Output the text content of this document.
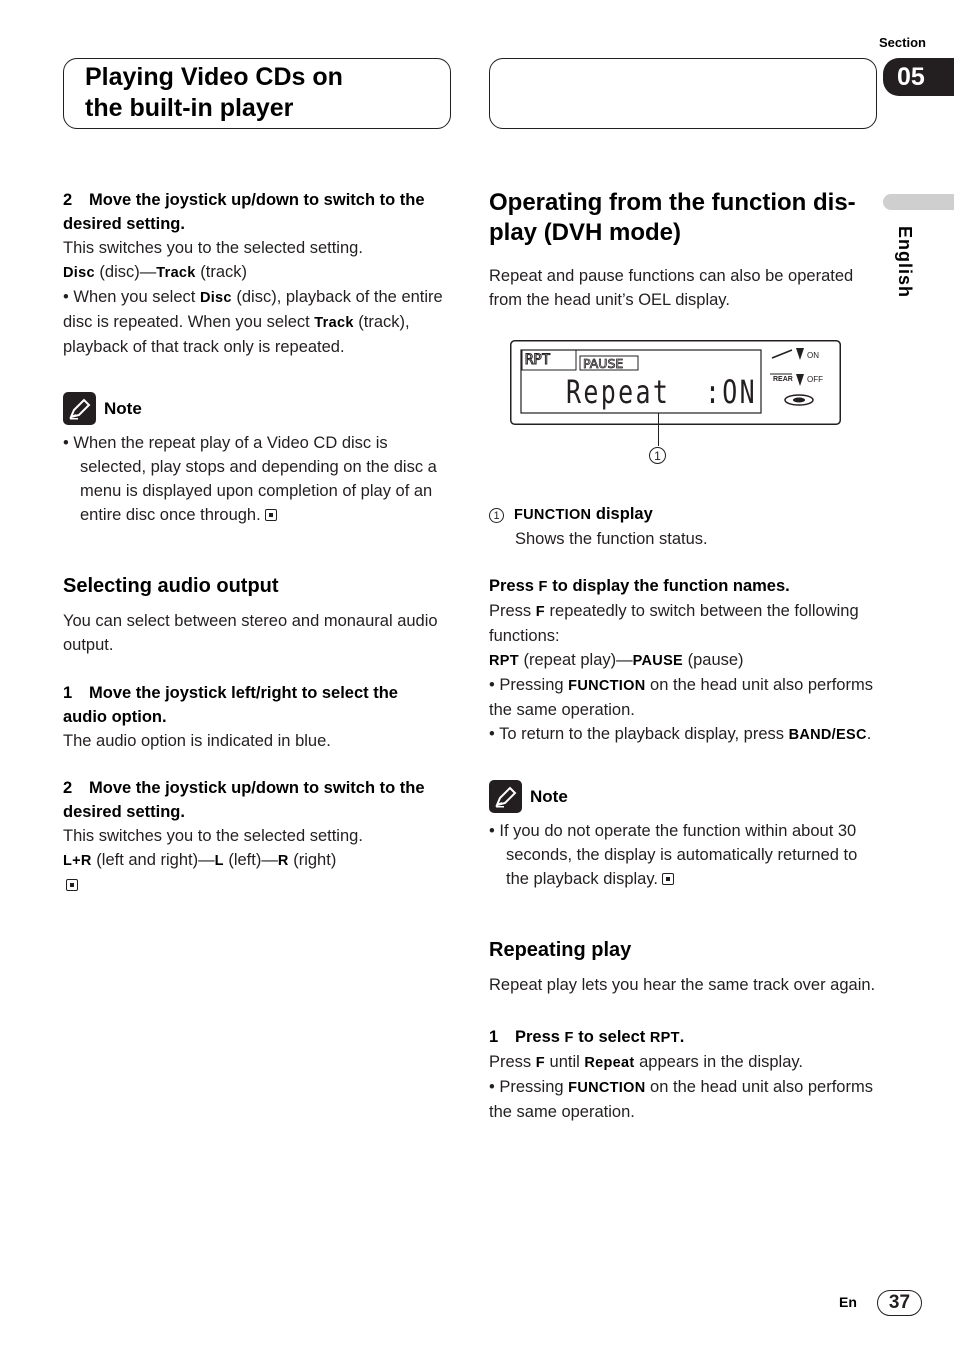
Section
05
Playing Video CDs on
the built-in player
English

2 Move the joystick up/down to switch to the desired setting.

This switches you to the selected setting.

Disc (disc)—Track (track)

• When you select Disc (disc), playback of the entire disc is repeated. When you select Track (track), playback of that track only is repeated.

Note

• When the repeat play of a Video CD disc is selected, play stops and depending on the disc a menu is displayed upon completion of play of an entire disc once through.

Selecting audio output

You can select between stereo and monaural audio output.

1 Move the joystick left/right to select the audio option.

The audio option is indicated in blue.

2 Move the joystick up/down to switch to the desired setting.

This switches you to the selected setting.

L+R (left and right)—L (left)—R (right)

Operating from the function dis-
play (DVH mode)

Repeat and pause functions can also be operated from the head unit’s OEL display.

RPT	PAUSE
Repeat  :ON
ON
REAR OFF
1

1 FUNCTION display

Shows the function status.

Press F to display the function names.

Press F repeatedly to switch between the following functions:

RPT (repeat play)—PAUSE (pause)

• Pressing FUNCTION on the head unit also performs the same operation.

• To return to the playback display, press BAND/ESC.

Note

• If you do not operate the function within about 30 seconds, the display is automatically returned to the playback display.

Repeating play

Repeat play lets you hear the same track over again.

1 Press F to select RPT.

Press F until Repeat appears in the display.

• Pressing FUNCTION on the head unit also performs the same operation.

En 37
